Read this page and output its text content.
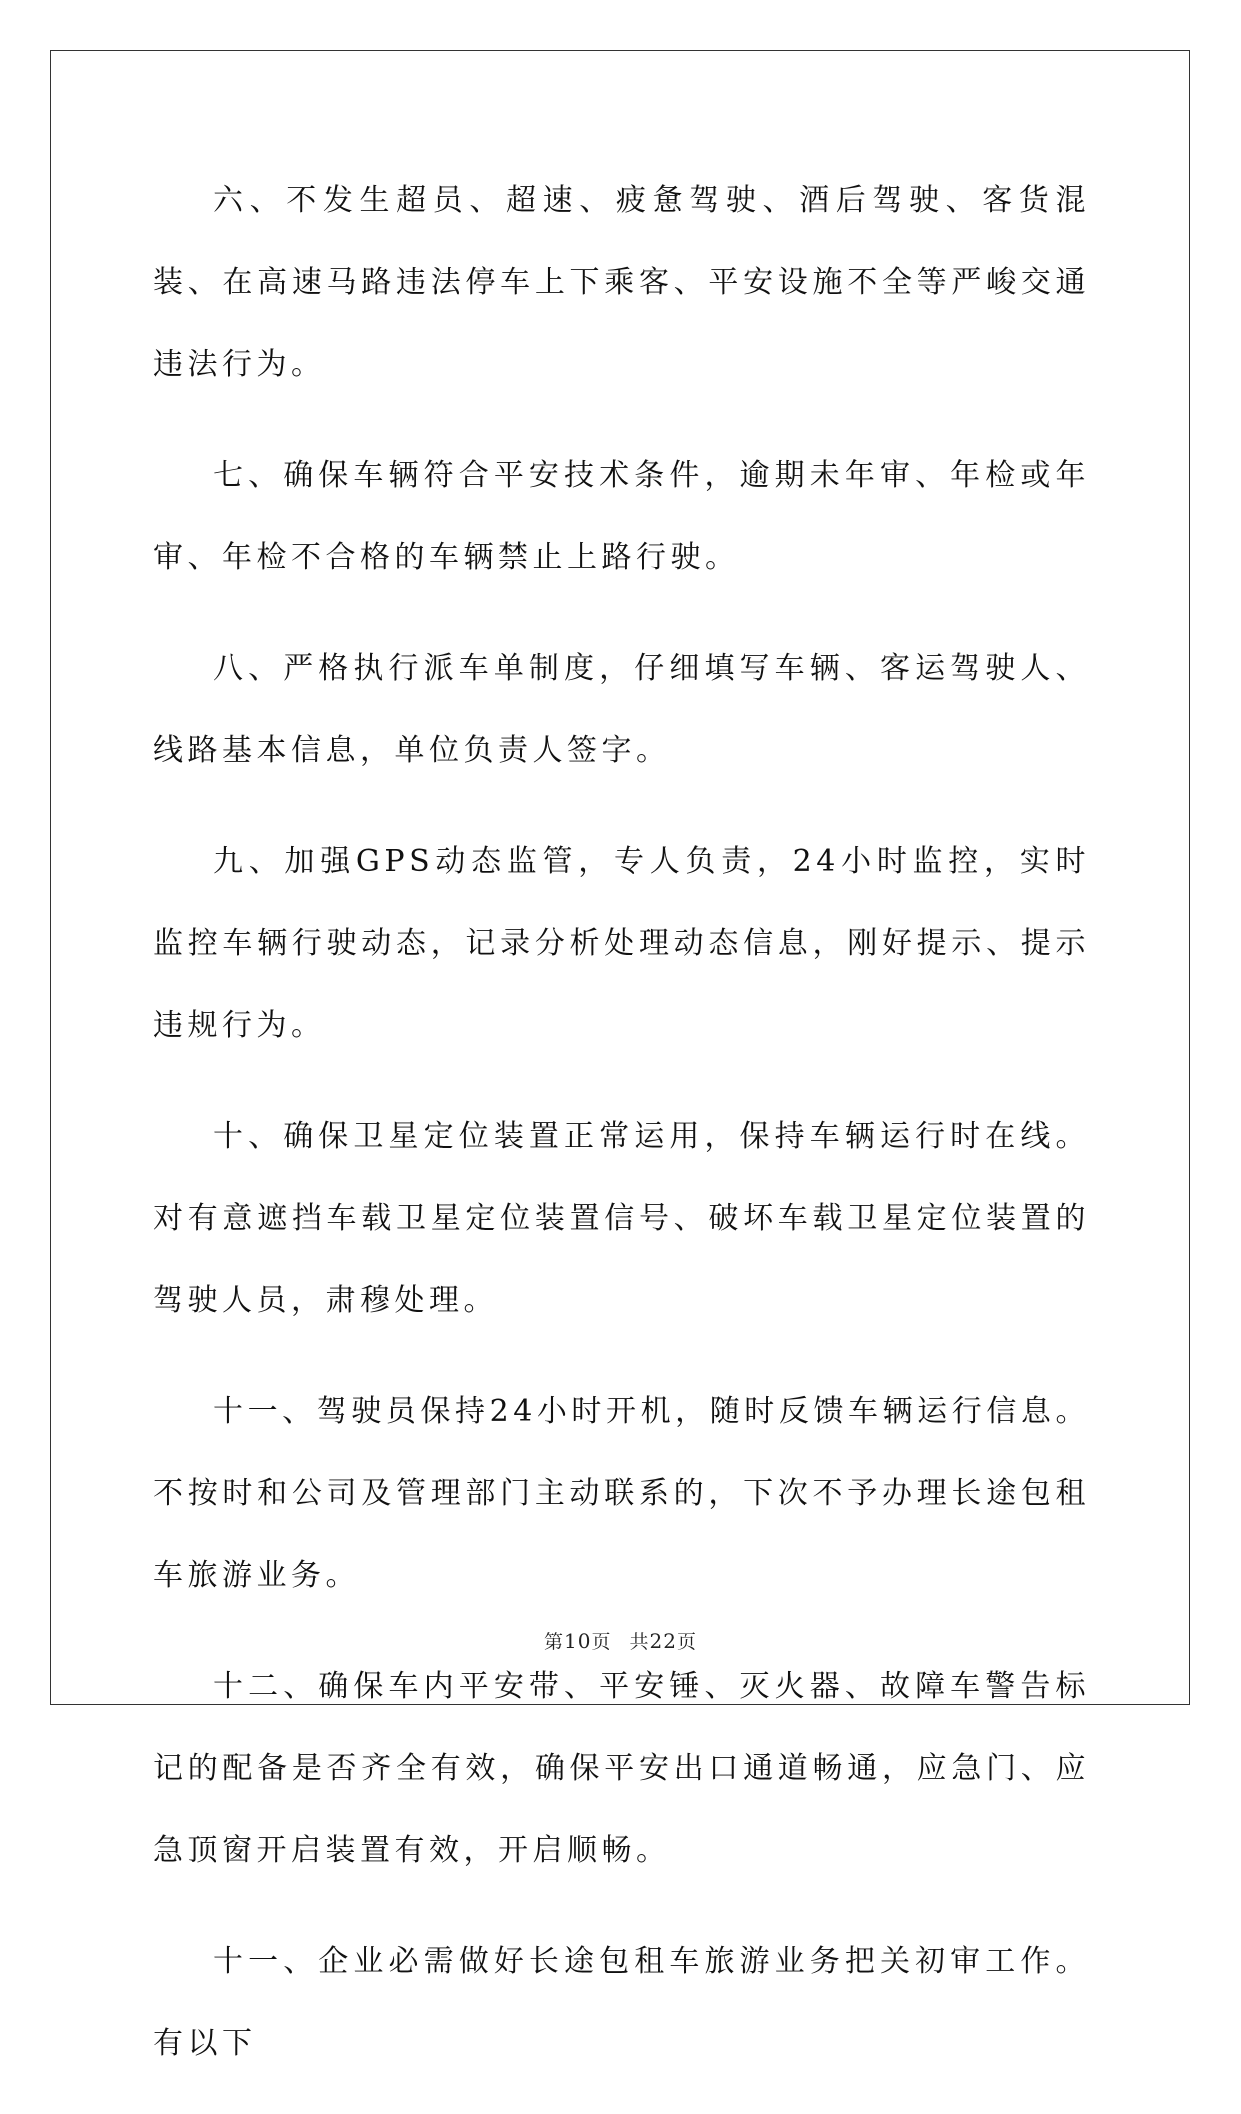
六、不发生超员、超速、疲惫驾驶、酒后驾驶、客货混装、在高速马路违法停车上下乘客、平安设施不全等严峻交通违法行为。

七、确保车辆符合平安技术条件，逾期未年审、年检或年审、年检不合格的车辆禁止上路行驶。

八、严格执行派车单制度，仔细填写车辆、客运驾驶人、线路基本信息，单位负责人签字。

九、加强GPS动态监管，专人负责，24小时监控，实时监控车辆行驶动态，记录分析处理动态信息，刚好提示、提示违规行为。

十、确保卫星定位装置正常运用，保持车辆运行时在线。对有意遮挡车载卫星定位装置信号、破坏车载卫星定位装置的驾驶人员，肃穆处理。

十一、驾驶员保持24小时开机，随时反馈车辆运行信息。不按时和公司及管理部门主动联系的，下次不予办理长途包租车旅游业务。

十二、确保车内平安带、平安锤、灭火器、故障车警告标记的配备是否齐全有效，确保平安出口通道畅通，应急门、应急顶窗开启装置有效，开启顺畅。

十一、企业必需做好长途包租车旅游业务把关初审工作。有以下

第10页 共22页
